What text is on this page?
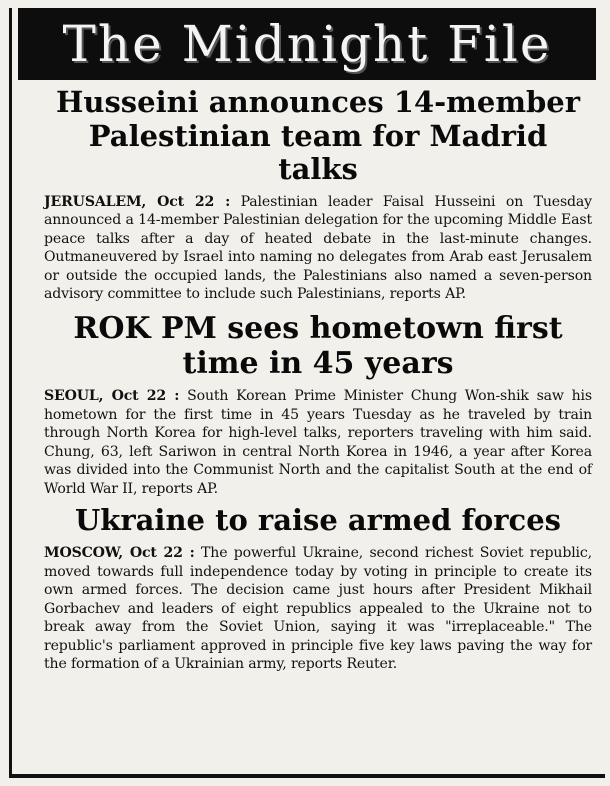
The Midnight File
Husseini announces 14-member Palestinian team for Madrid talks

JERUSALEM, Oct 22 : Palestinian leader Faisal Husseini on Tuesday announced a 14-member Palestinian delegation for the upcoming Middle East peace talks after a day of heated debate in the last-minute changes. Outmaneuvered by Israel into naming no delegates from Arab east Jerusalem or outside the occupied lands, the Palestinians also named a seven-person advisory committee to include such Palestinians, reports AP.

ROK PM sees hometown first time in 45 years

SEOUL, Oct 22 : South Korean Prime Minister Chung Won-shik saw his hometown for the first time in 45 years Tuesday as he traveled by train through North Korea for high-level talks, reporters traveling with him said. Chung, 63, left Sariwon in central North Korea in 1946, a year after Korea was divided into the Communist North and the capitalist South at the end of World War II, reports AP.

Ukraine to raise armed forces

MOSCOW, Oct 22 : The powerful Ukraine, second richest Soviet republic, moved towards full independence today by voting in principle to create its own armed forces. The decision came just hours after President Mikhail Gorbachev and leaders of eight republics appealed to the Ukraine not to break away from the Soviet Union, saying it was "irreplaceable." The republic's parliament approved in principle five key laws paving the way for the formation of a Ukrainian army, reports Reuter.
